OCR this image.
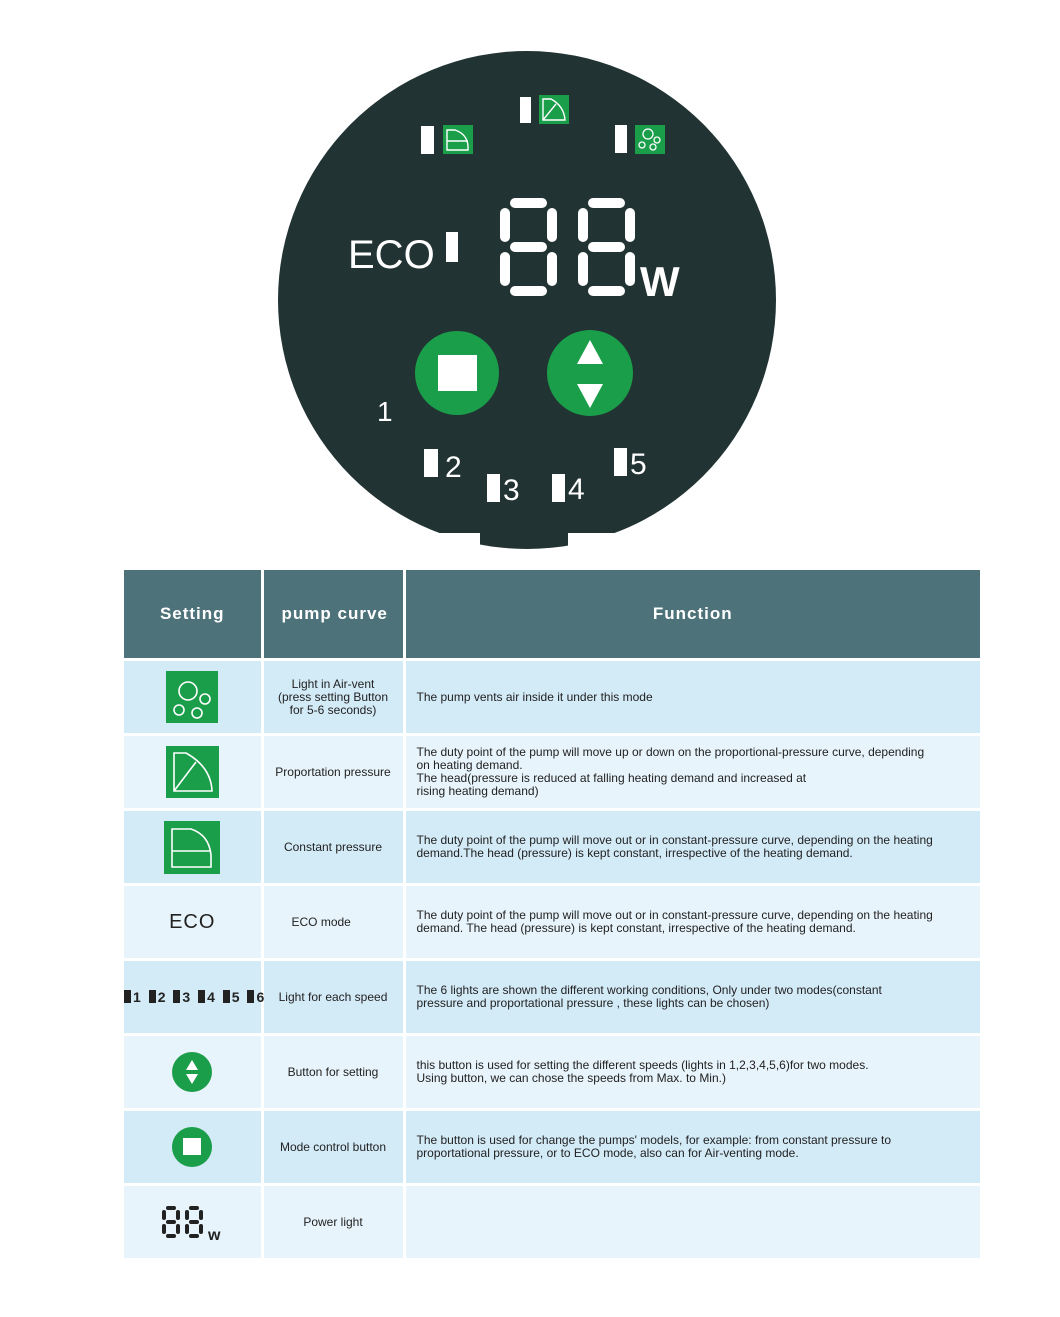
ECO
W
1
2
3 4
5
Setting	pump curve	Function
	Light in Air-vent
(press setting Button
for 5-6 seconds)	The pump vents air inside it under this mode
	Proportation pressure	The duty point of the pump will move up or down on the proportional-pressure curve, depending
on heating demand.
The head(pressure is reduced at falling heating demand and increased at
rising heating demand)
	Constant pressure	The duty point of the pump will move out or in constant-pressure curve, depending on the heating
demand.The head (pressure) is kept constant, irrespective of the heating demand.
ECO	ECO mode	The duty point of the pump will move out or in constant-pressure curve, depending on the heating
demand. The head (pressure) is kept constant, irrespective of the heating demand.
1 2 3 4 5 6	Light for each speed	The 6 lights are shown the different working conditions, Only under two modes(constant
pressure and proportational pressure , these lights can be chosen)
	Button for setting	this button is used for setting the different speeds (lights in 1,2,3,4,5,6)for two modes.
Using button, we can chose the speeds from Max. to Min.)
	Mode control button	The button is used for change the pumps' models, for example: from constant pressure to
proportational pressure, or to ECO mode, also can for Air-venting mode.

w	Power light	
